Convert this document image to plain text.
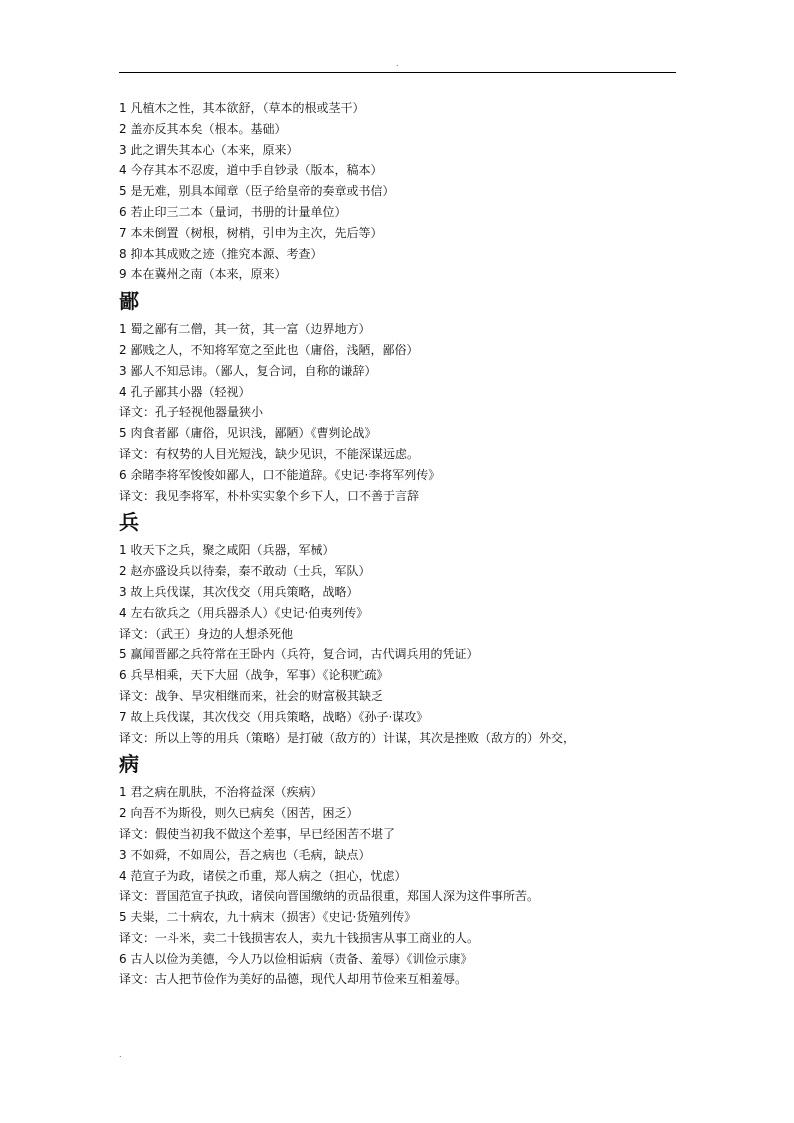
.
1 凡植木之性，其本欲舒，（草本的根或茎干）
2 盖亦反其本矣（根本。基础）
3 此之谓失其本心（本来，原来）
4 今存其本不忍废，道中手自钞录（版本，稿本）
5 是无难，别具本闻章（臣子给皇帝的奏章或书信）
6 若止印三二本（量词，书册的计量单位）
7 本未倒置（树根，树梢，引申为主次，先后等）
8 抑本其成败之迹（推究本源、考查）
9 本在冀州之南（本来，原来）
鄙
1 蜀之鄙有二僧，其一贫，其一富（边界地方）
2 鄙贱之人，不知将军宽之至此也（庸俗，浅陋，鄙俗）
3 鄙人不知忌讳。（鄙人，复合词，自称的谦辞）
4 孔子鄙其小器（轻视）
译文：孔子轻视他器量狭小
5 肉食者鄙（庸俗，见识浅，鄙陋）《曹刿论战》
译文：有权势的人目光短浅，缺少见识，不能深谋远虑。
6 余睹李将军悛悛如鄙人，口不能道辞。《史记·李将军列传》
译文：我见李将军，朴朴实实象个乡下人，口不善于言辞
兵
1 收天下之兵，聚之咸阳（兵器，军械）
2 赵亦盛设兵以待秦，秦不敢动（士兵，军队）
3 故上兵伐谋，其次伐交（用兵策略，战略）
4 左右欲兵之（用兵器杀人）《史记·伯夷列传》
译文：（武王）身边的人想杀死他
5 赢闻晋鄙之兵符常在王卧内（兵符，复合词，古代调兵用的凭证）
6 兵旱相乘，天下大屈（战争，军事）《论积贮疏》
译文：战争、旱灾相继而来，社会的财富极其缺乏
7 故上兵伐谋，其次伐交（用兵策略，战略）《孙子·谋攻》
译文：所以上等的用兵（策略）是打破（敌方的）计谋，其次是挫败（敌方的）外交，
病
1 君之病在肌肤，不治将益深（疾病）
2 向吾不为斯役，则久已病矣（困苦，困乏）
译文：假使当初我不做这个差事，早已经困苦不堪了
3 不如舜，不如周公，吾之病也（毛病，缺点）
4 范宣子为政，诸侯之币重，郑人病之（担心，忧虑）
译文：晋国范宣子执政，诸侯向晋国缴纳的贡品很重，郑国人深为这件事所苦。
5 夫粜，二十病农，九十病末（损害）《史记·货殖列传》
译文：一斗米，卖二十钱损害农人，卖九十钱损害从事工商业的人。
6 古人以俭为美德，今人乃以俭相诟病（责备、羞辱）《训俭示康》
译文：古人把节俭作为美好的品德，现代人却用节俭来互相羞辱。
.
